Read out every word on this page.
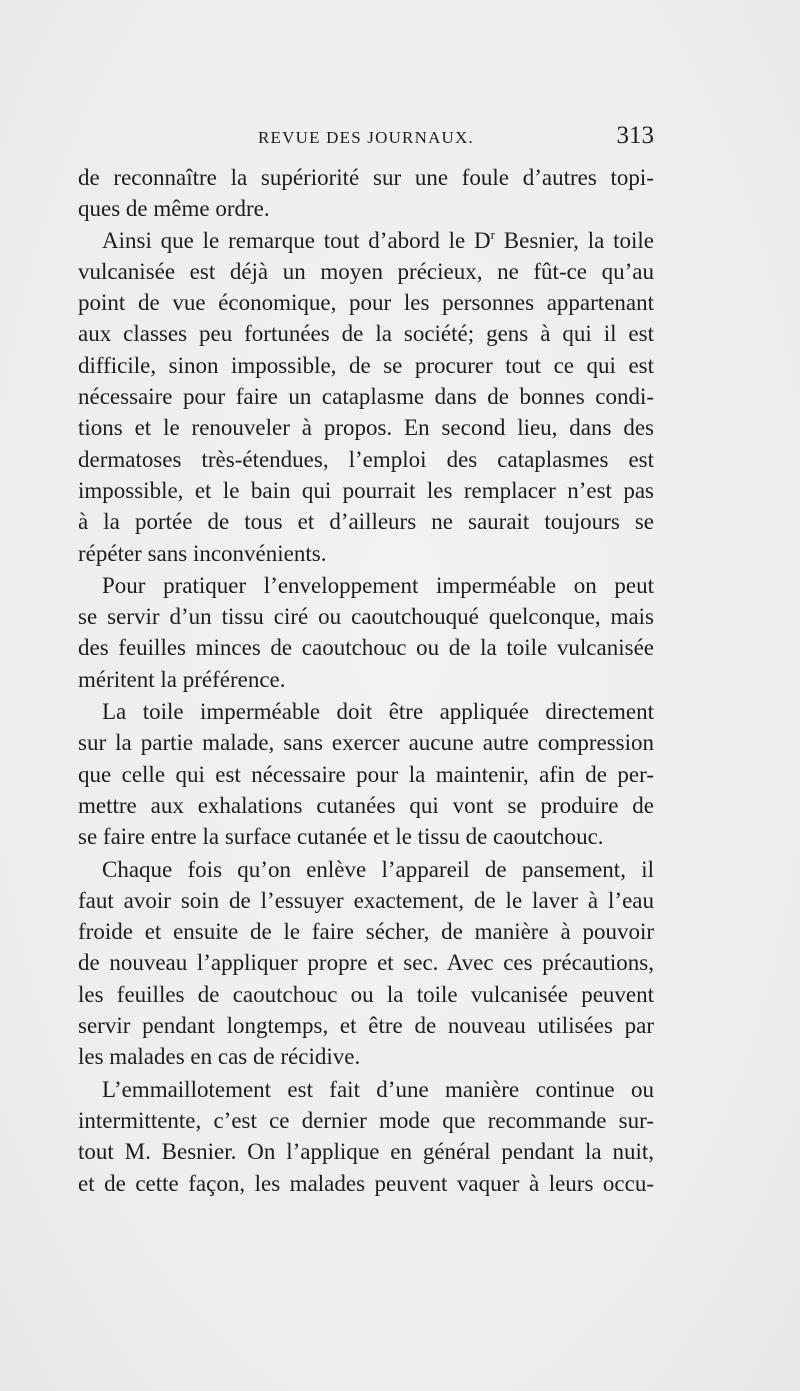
REVUE DES JOURNAUX.	313
de reconnaître la supériorité sur une foule d’autres topi-
ques de même ordre.
Ainsi que le remarque tout d’abord le $D^r$ Besnier, la toile
vulcanisée est déjà un moyen précieux, ne fût-ce qu’au
point de vue économique, pour les personnes appartenant
aux classes peu fortunées de la société; gens à qui il est
difficile, sinon impossible, de se procurer tout ce qui est
nécessaire pour faire un cataplasme dans de bonnes condi-
tions et le renouveler à propos. En second lieu, dans des
dermatoses très-étendues, l’emploi des cataplasmes est
impossible, et le bain qui pourrait les remplacer n’est pas
à la portée de tous et d’ailleurs ne saurait toujours se
répéter sans inconvénients.
Pour pratiquer l’enveloppement imperméable on peut
se servir d’un tissu ciré ou caoutchouqué quelconque, mais
des feuilles minces de caoutchouc ou de la toile vulcanisée
méritent la préférence.
La toile imperméable doit être appliquée directement
sur la partie malade, sans exercer aucune autre compression
que celle qui est nécessaire pour la maintenir, afin de per-
mettre aux exhalations cutanées qui vont se produire de
se faire entre la surface cutanée et le tissu de caoutchouc.
Chaque fois qu’on enlève l’appareil de pansement, il
faut avoir soin de l’essuyer exactement, de le laver à l’eau
froide et ensuite de le faire sécher, de manière à pouvoir
de nouveau l’appliquer propre et sec. Avec ces précautions,
les feuilles de caoutchouc ou la toile vulcanisée peuvent
servir pendant longtemps, et être de nouveau utilisées par
les malades en cas de récidive.
L’emmaillotement est fait d’une manière continue ou
intermittente, c’est ce dernier mode que recommande sur-
tout M. Besnier. On l’applique en général pendant la nuit,
et de cette façon, les malades peuvent vaquer à leurs occu-
